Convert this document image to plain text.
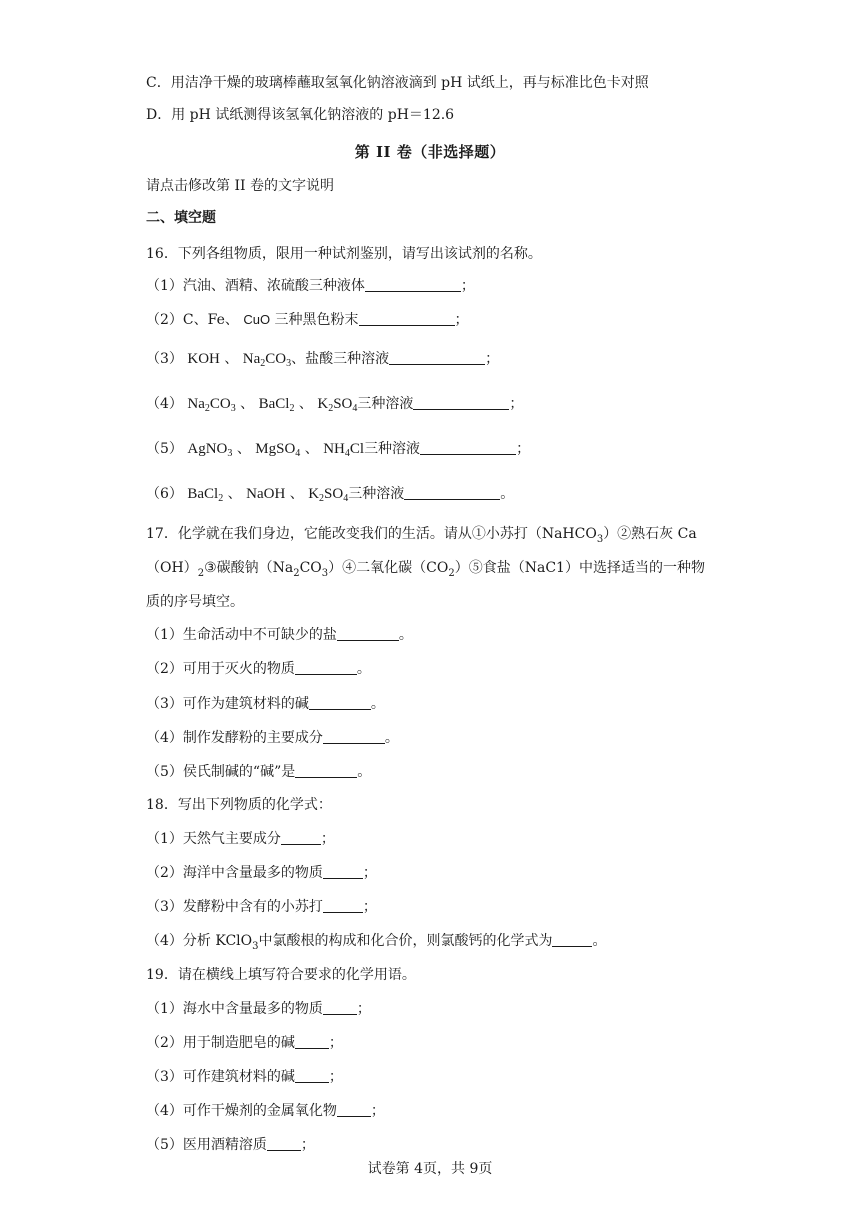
C．用洁净干燥的玻璃棒蘸取氢氧化钠溶液滴到 pH 试纸上，再与标准比色卡对照
D．用 pH 试纸测得该氢氧化钠溶液的 pH＝12.6
第 II 卷（非选择题）
请点击修改第 II 卷的文字说明
二、填空题
16．下列各组物质，限用一种试剂鉴别，请写出该试剂的名称。
（1）汽油、酒精、浓硫酸三种液体	；
（2）C、Fe、 CuO 三种黑色粉末	；
（3） KOH 、 $Na_2CO_3$、盐酸三种溶液	；
（4） $Na_2CO_3$ 、 BaCl$_2$ 、 $K_2SO_4$三种溶液	；
（5） AgNO$_3$ 、 MgSO$_4$ 、 $NH_4Cl$三种溶液	；
（6） BaCl$_2$ 、 NaOH 、 $K_2SO_4$三种溶液	。
17．化学就在我们身边，它能改变我们的生活。请从①小苏打（NaHCO$_3$）②熟石灰 Ca
$(OH)_2③$碳酸钠$(Na_2CO_3)④$二氧化碳$(CO_2)⑤$食盐（NaC1）中选择适当的一种物
质的序号填空。
（1）生命活动中不可缺少的盐	。
（2）可用于灭火的物质	。
（3）可作为建筑材料的碱	。
（4）制作发酵粉的主要成分	。
（5）侯氏制碱的“碱”是	。
18．写出下列物质的化学式：
（1）天然气主要成分	；
（2）海洋中含量最多的物质	；
（3）发酵粉中含有的小苏打	；
（4）分析 KClO$_3$中氯酸根的构成和化合价，则氯酸钙的化学式为	。
19．请在横线上填写符合要求的化学用语。
（1）海水中含量最多的物质 ；
（2）用于制造肥皂的碱 ；
（3）可作建筑材料的碱 ；
（4）可作干燥剂的金属氧化物 ；
（5）医用酒精溶质 ；
试卷第 4页，共 9页
